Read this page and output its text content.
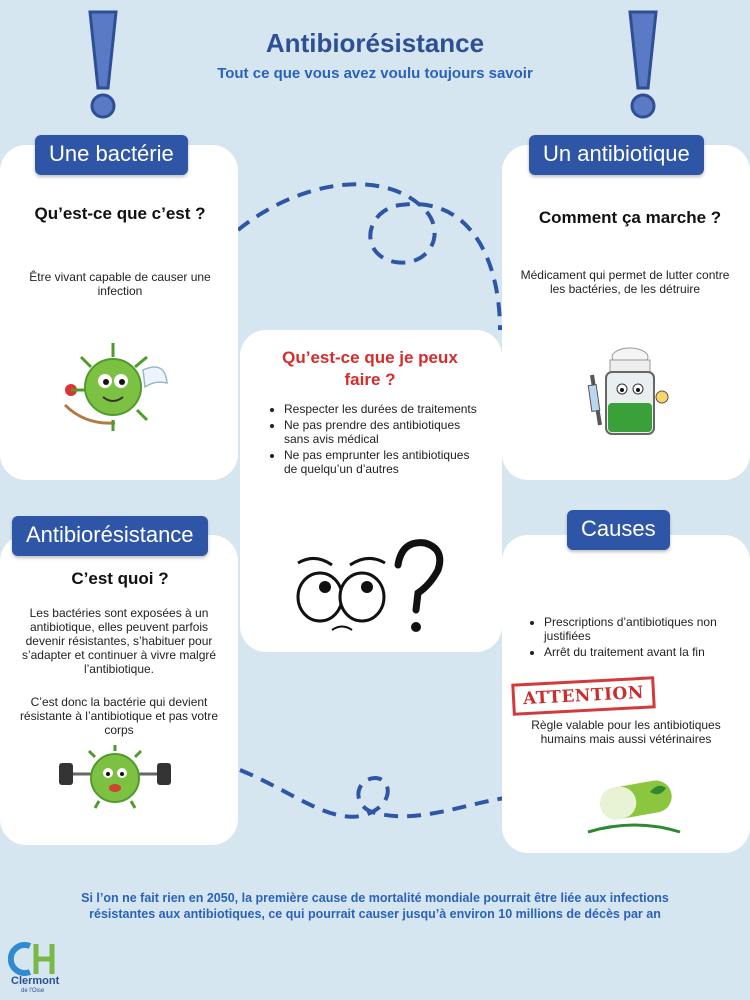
Antibiorésistance
Tout ce que vous avez voulu toujours savoir
Une bactérie
Qu’est-ce que c’est ?
Être vivant capable de causer une infection
Un antibiotique
Comment ça marche ?
Médicament qui permet de lutter contre les bactéries, de les détruire
Qu’est-ce que je peux faire ?
• Respecter les durées de traitements
• Ne pas prendre des antibiotiques sans avis médical
• Ne pas emprunter les antibiotiques de quelqu’un d’autres
Antibiorésistance
C’est quoi ?
Les bactéries sont exposées à un antibiotique, elles peuvent parfois devenir résistantes, s’habituer pour s’adapter et continuer à vivre malgré l’antibiotique.
C’est donc la bactérie qui devient résistante à l’antibiotique et pas votre corps
Causes
• Prescriptions d’antibiotiques non justifiées
• Arrêt du traitement avant la fin
ATTENTION
Règle valable pour les antibiotiques humains mais aussi vétérinaires
Si l’on ne fait rien en 2050, la première cause de mortalité mondiale pourrait être liée aux infections résistantes aux antibiotiques, ce qui pourrait causer jusqu’à environ 10 millions de décès par an
Clermont
de l'Oise
